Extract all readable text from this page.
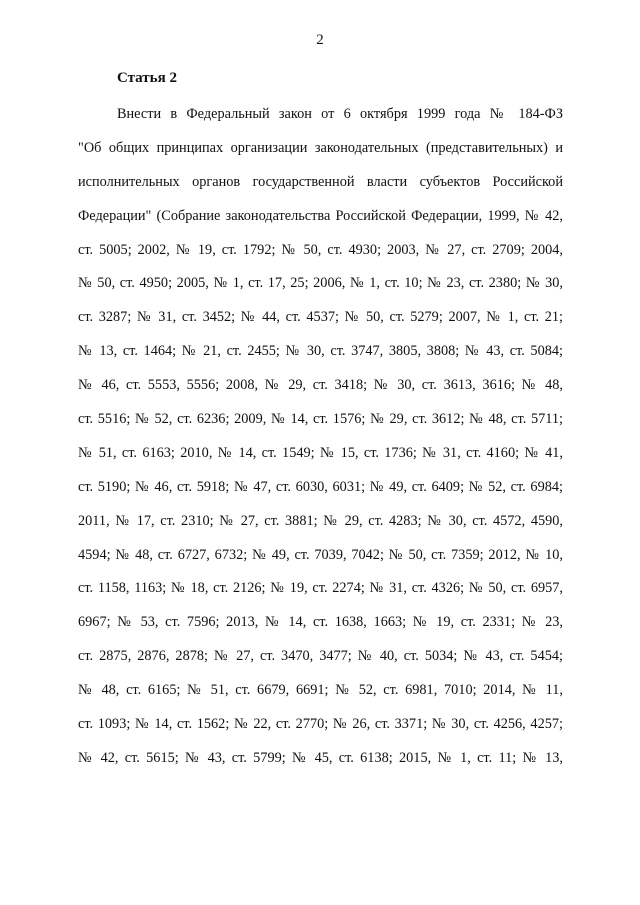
2
Статья 2
Внести в Федеральный закон от 6 октября 1999 года № 184-ФЗ
"Об общих принципах организации законодательных (представительных) и
исполнительных органов государственной власти субъектов Российской
Федерации" (Собрание законодательства Российской Федерации, 1999, № 42,
ст. 5005; 2002, № 19, ст. 1792; № 50, ст. 4930; 2003, № 27, ст. 2709; 2004,
№ 50, ст. 4950; 2005, № 1, ст. 17, 25; 2006, № 1, ст. 10; № 23, ст. 2380; № 30,
ст. 3287; № 31, ст. 3452; № 44, ст. 4537; № 50, ст. 5279; 2007, № 1, ст. 21;
№ 13, ст. 1464; № 21, ст. 2455; № 30, ст. 3747, 3805, 3808; № 43, ст. 5084;
№ 46, ст. 5553, 5556; 2008, № 29, ст. 3418; № 30, ст. 3613, 3616; № 48,
ст. 5516; № 52, ст. 6236; 2009, № 14, ст. 1576; № 29, ст. 3612; № 48, ст. 5711;
№ 51, ст. 6163; 2010, № 14, ст. 1549; № 15, ст. 1736; № 31, ст. 4160; № 41,
ст. 5190; № 46, ст. 5918; № 47, ст. 6030, 6031; № 49, ст. 6409; № 52, ст. 6984;
2011, № 17, ст. 2310; № 27, ст. 3881; № 29, ст. 4283; № 30, ст. 4572, 4590,
4594; № 48, ст. 6727, 6732; № 49, ст. 7039, 7042; № 50, ст. 7359; 2012, № 10,
ст. 1158, 1163; № 18, ст. 2126; № 19, ст. 2274; № 31, ст. 4326; № 50, ст. 6957,
6967; № 53, ст. 7596; 2013, № 14, ст. 1638, 1663; № 19, ст. 2331; № 23,
ст. 2875, 2876, 2878; № 27, ст. 3470, 3477; № 40, ст. 5034; № 43, ст. 5454;
№ 48, ст. 6165; № 51, ст. 6679, 6691; № 52, ст. 6981, 7010; 2014, № 11,
ст. 1093; № 14, ст. 1562; № 22, ст. 2770; № 26, ст. 3371; № 30, ст. 4256, 4257;
№ 42, ст. 5615; № 43, ст. 5799; № 45, ст. 6138; 2015, № 1, ст. 11; № 13,
